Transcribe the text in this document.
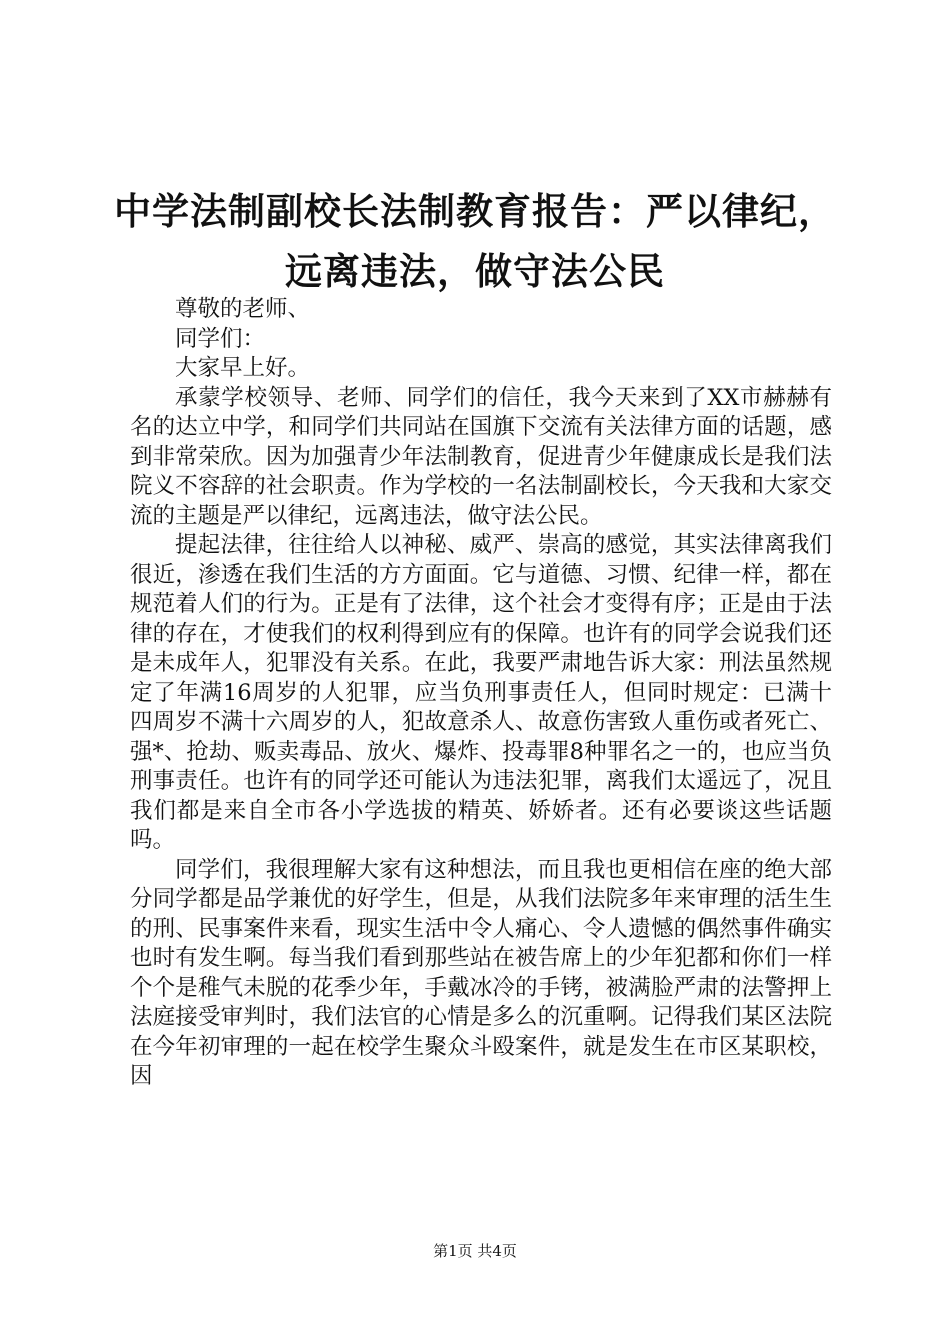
中学法制副校长法制教育报告：严以律纪，远离违法，做守法公民

尊敬的老师、

同学们：

大家早上好。

承蒙学校领导、老师、同学们的信任，我今天来到了XX市赫赫有名的达立中学，和同学们共同站在国旗下交流有关法律方面的话题，感到非常荣欣。因为加强青少年法制教育，促进青少年健康成长是我们法院义不容辞的社会职责。作为学校的一名法制副校长，今天我和大家交流的主题是严以律纪，远离违法，做守法公民。

提起法律，往往给人以神秘、威严、崇高的感觉，其实法律离我们很近，渗透在我们生活的方方面面。它与道德、习惯、纪律一样，都在规范着人们的行为。正是有了法律，这个社会才变得有序；正是由于法律的存在，才使我们的权利得到应有的保障。也许有的同学会说我们还是未成年人，犯罪没有关系。在此，我要严肃地告诉大家：刑法虽然规定了年满16周岁的人犯罪，应当负刑事责任人，但同时规定：已满十四周岁不满十六周岁的人，犯故意杀人、故意伤害致人重伤或者死亡、强*、抢劫、贩卖毒品、放火、爆炸、投毒罪8种罪名之一的，也应当负刑事责任。也许有的同学还可能认为违法犯罪，离我们太遥远了，况且我们都是来自全市各小学选拔的精英、娇娇者。还有必要谈这些话题吗。

同学们，我很理解大家有这种想法，而且我也更相信在座的绝大部分同学都是品学兼优的好学生，但是，从我们法院多年来审理的活生生的刑、民事案件来看，现实生活中令人痛心、令人遗憾的偶然事件确实也时有发生啊。每当我们看到那些站在被告席上的少年犯都和你们一样个个是稚气未脱的花季少年，手戴冰冷的手铐，被满脸严肃的法警押上法庭接受审判时，我们法官的心情是多么的沉重啊。记得我们某区法院在今年初审理的一起在校学生聚众斗殴案件，就是发生在市区某职校，因

第1页 共4页
